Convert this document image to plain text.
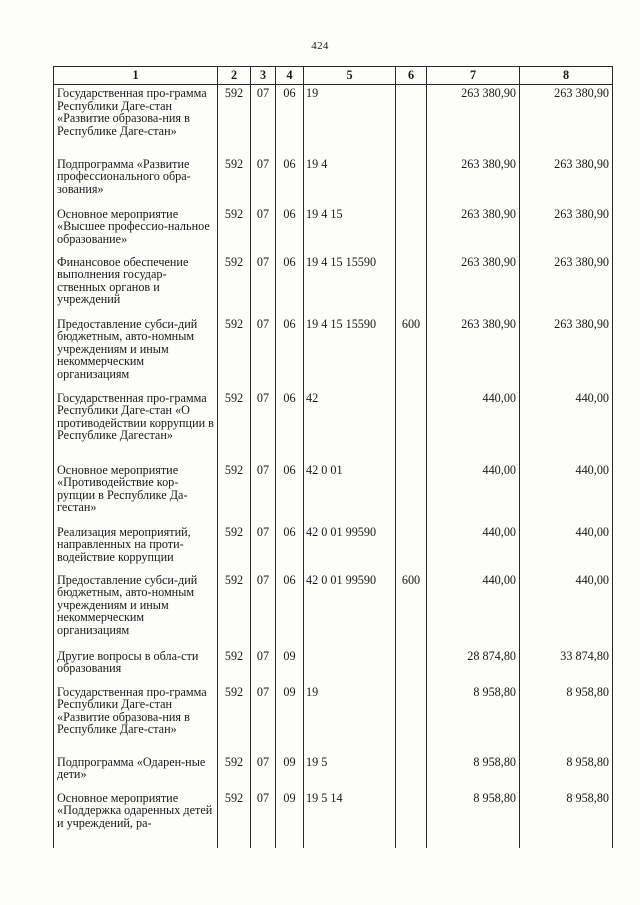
424
1	2	3	4	5	6	7	8
Государственная про-грамма Республики Даге-стан «Развитие образова-ния в Республике Даге-стан»	592	07	06	19		263 380,90	263 380,90
Подпрограмма «Развитие профессионального обра-зования»	592	07	06	19 4		263 380,90	263 380,90
Основное мероприятие «Высшее профессио-нальное образование»	592	07	06	19 4 15		263 380,90	263 380,90
Финансовое обеспечение выполнения государ-ственных органов и учреждений	592	07	06	19 4 15 15590		263 380,90	263 380,90
Предоставление субси-дий бюджетным, авто-номным учреждениям и иным некоммерческим организациям	592	07	06	19 4 15 15590	600	263 380,90	263 380,90
Государственная про-грамма Республики Даге-стан «О противодействии коррупции в Республике Дагестан»	592	07	06	42		440,00	440,00
Основное мероприятие «Противодействие кор-рупции в Республике Да-гестан»	592	07	06	42 0 01		440,00	440,00
Реализация мероприятий, направленных на проти-водействие коррупции	592	07	06	42 0 01 99590		440,00	440,00
Предоставление субси-дий бюджетным, авто-номным учреждениям и иным некоммерческим организациям	592	07	06	42 0 01 99590	600	440,00	440,00
Другие вопросы в обла-сти образования	592	07	09			28 874,80	33 874,80
Государственная про-грамма Республики Даге-стан «Развитие образова-ния в Республике Даге-стан»	592	07	09	19		8 958,80	8 958,80
Подпрограмма «Одарен-ные дети»	592	07	09	19 5		8 958,80	8 958,80
Основное мероприятие «Поддержка одаренных детей и учреждений, ра-	592	07	09	19 5 14		8 958,80	8 958,80
